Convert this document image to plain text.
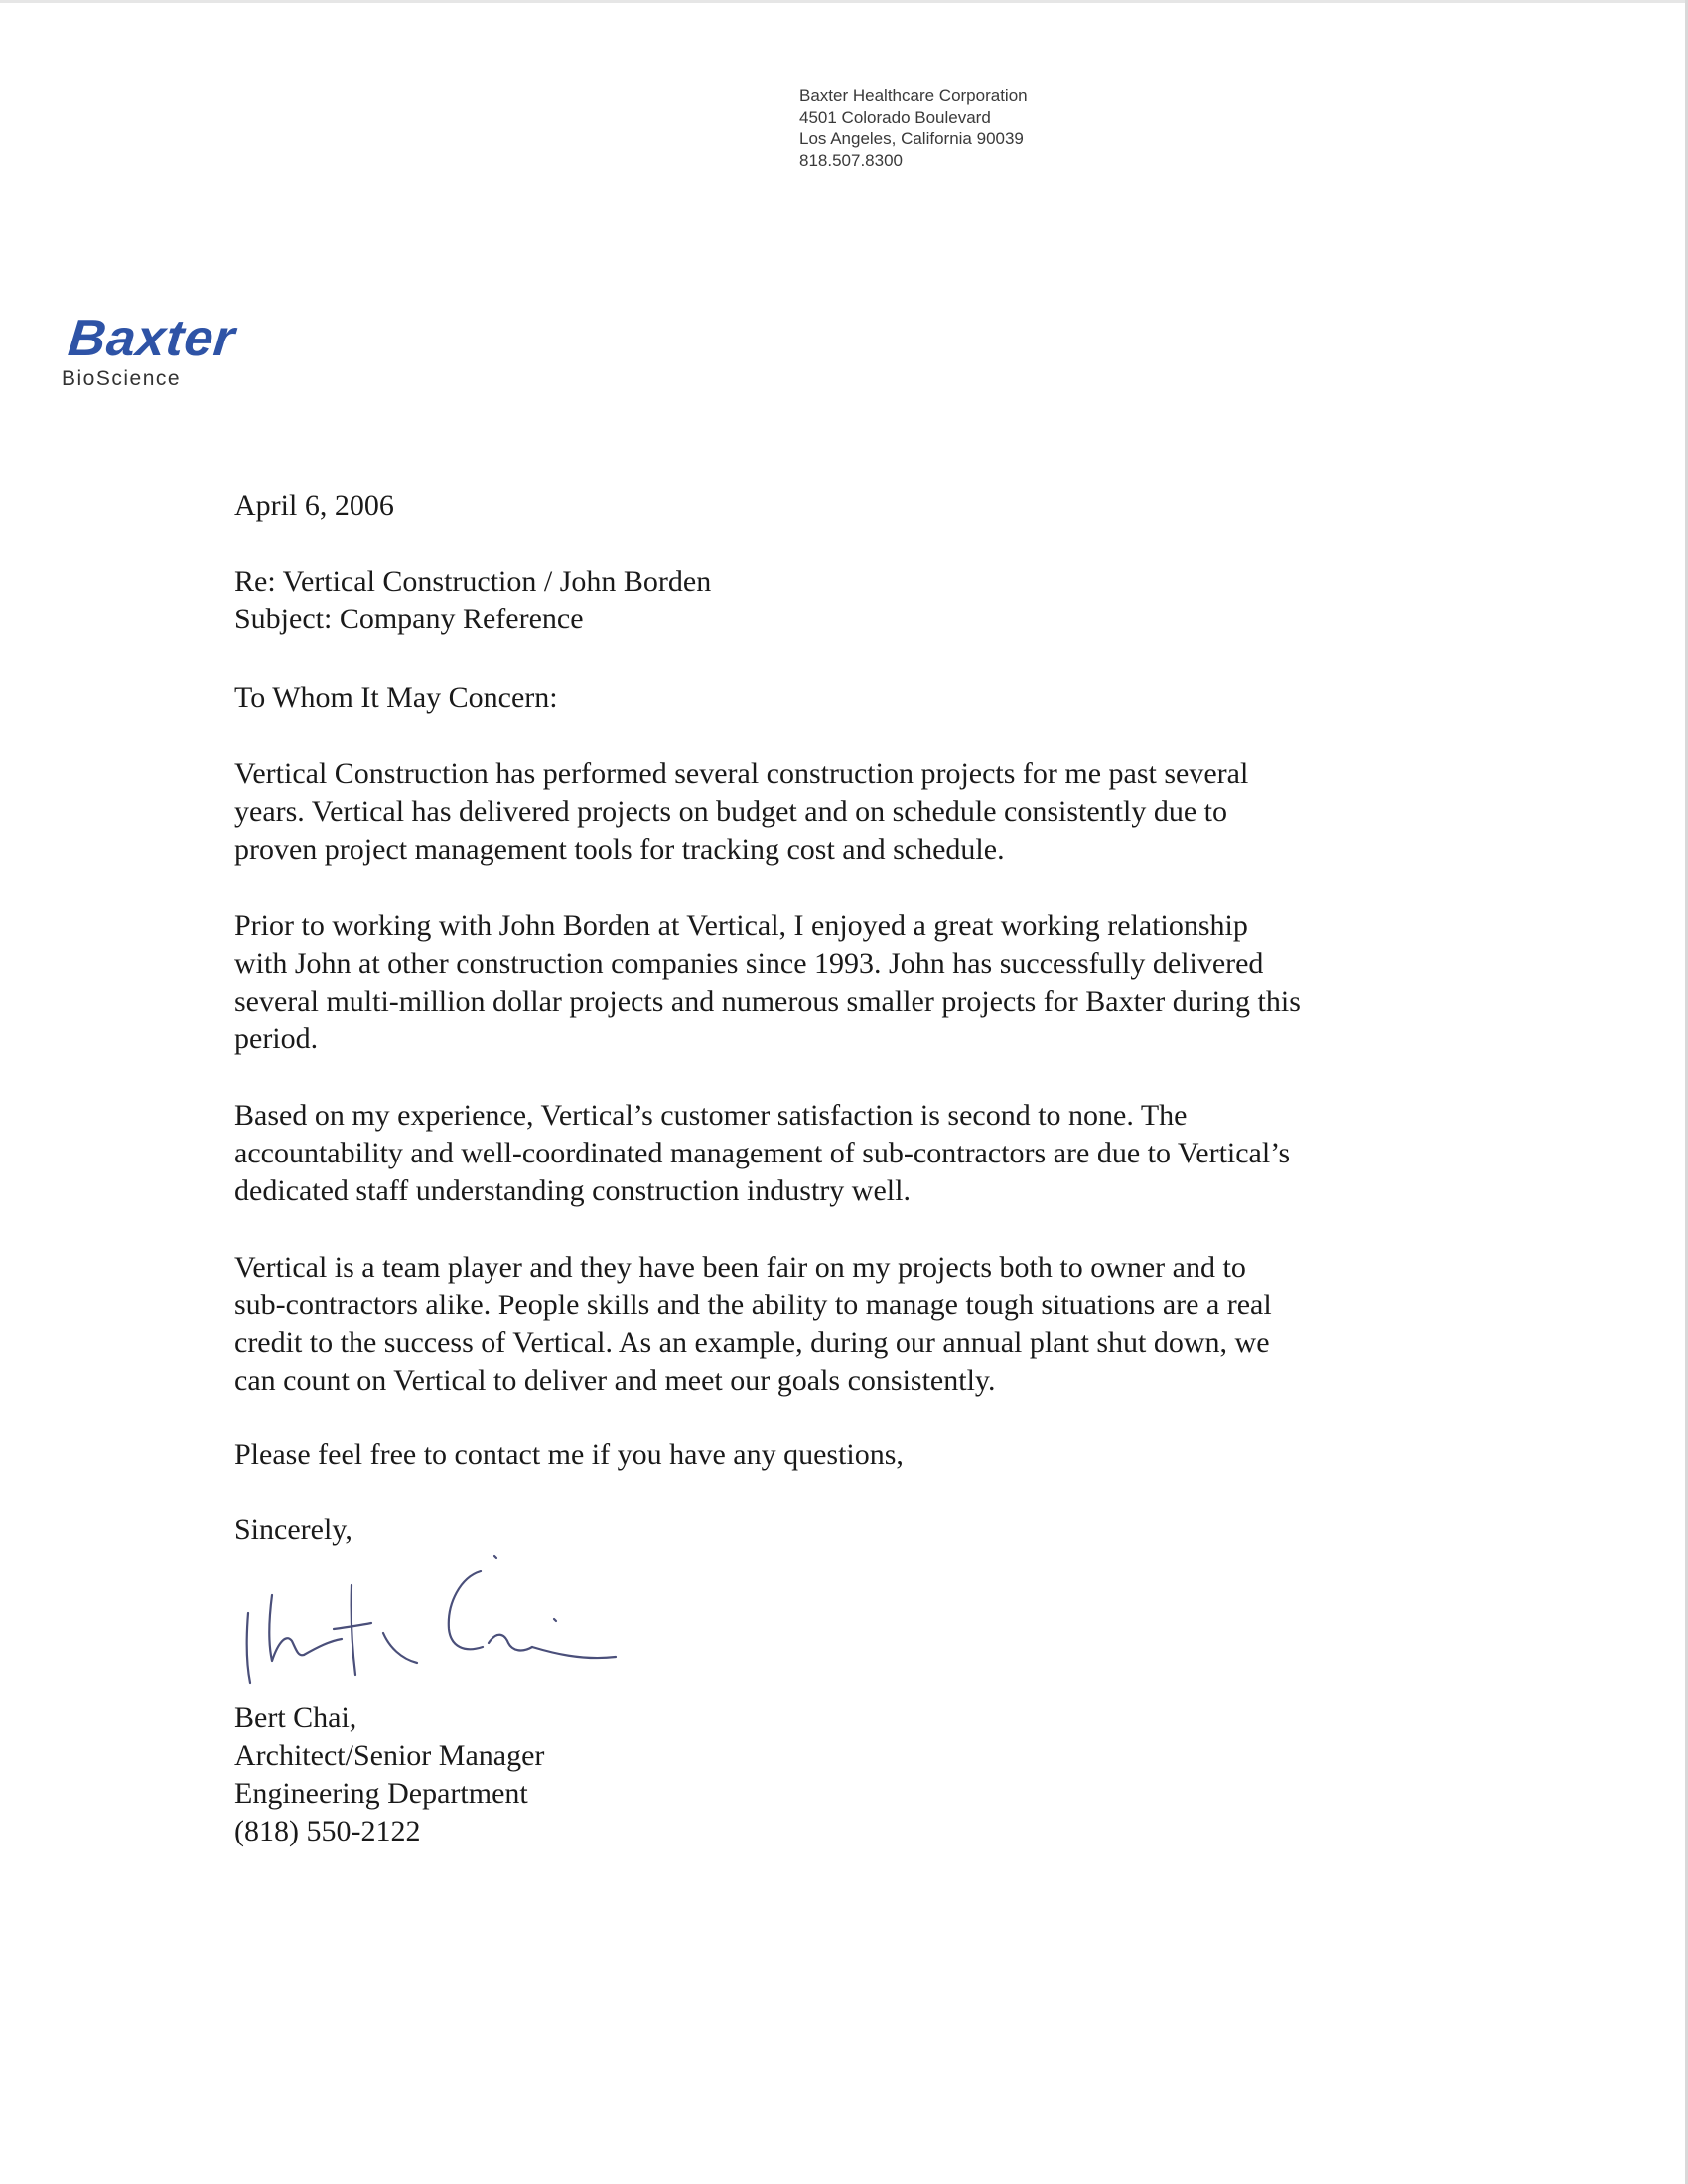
Baxter Healthcare Corporation
4501 Colorado Boulevard
Los Angeles, California 90039
818.507.8300
Baxter
BioScience
April 6, 2006
Re: Vertical Construction / John Borden
Subject: Company Reference
To Whom It May Concern:
Vertical Construction has performed several construction projects for me past several
years. Vertical has delivered projects on budget and on schedule consistently due to
proven project management tools for tracking cost and schedule.
Prior to working with John Borden at Vertical, I enjoyed a great working relationship
with John at other construction companies since 1993. John has successfully delivered
several multi-million dollar projects and numerous smaller projects for Baxter during this
period.
Based on my experience, Vertical’s customer satisfaction is second to none. The
accountability and well-coordinated management of sub-contractors are due to Vertical’s
dedicated staff understanding construction industry well.
Vertical is a team player and they have been fair on my projects both to owner and to
sub-contractors alike. People skills and the ability to manage tough situations are a real
credit to the success of Vertical. As an example, during our annual plant shut down, we
can count on Vertical to deliver and meet our goals consistently.
Please feel free to contact me if you have any questions,
Sincerely,
Bert Chai,
Architect/Senior Manager
Engineering Department
(818) 550-2122
